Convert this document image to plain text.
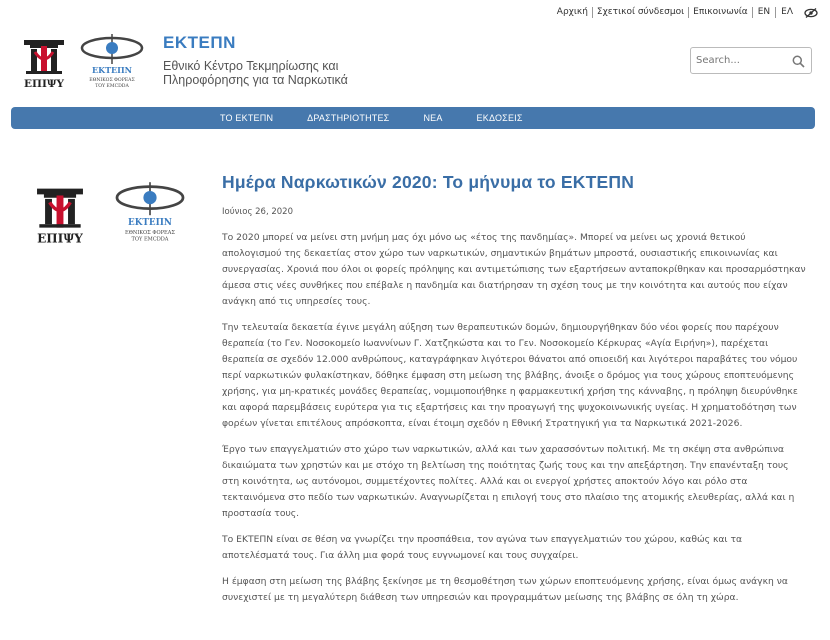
Αρχική	Σχετικοί σύνδεσμοι	Επικοινωνία	EN	ΕΛ
ΕΠΙΨΥ
ΕΚΤΕΠΝ
ΕΘΝΙΚΟΣ ΦΟΡΕΑΣ
ΤΟΥ EMCDDA
ΕΚΤΕΠΝ
Εθνικό Κέντρο Τεκμηρίωσης και Πληροφόρησης για τα Ναρκωτικά
Search...
ΤΟ ΕΚΤΕΠΝ	ΔΡΑΣΤΗΡΙΟΤΗΤΕΣ	ΝΕΑ	ΕΚΔΟΣΕΙΣ
ΕΠΙΨΥ
ΕΚΤΕΠΝ
ΕΘΝΙΚΟΣ ΦΟΡΕΑΣ
ΤΟΥ EMCDDA
Ημέρα Ναρκωτικών 2020: Το μήνυμα το ΕΚΤΕΠΝ
Ιούνιος 26, 2020

Το 2020 μπορεί να μείνει στη μνήμη μας όχι μόνο ως «έτος της πανδημίας». Μπορεί να μείνει ως χρονιά θετικού απολογισμού της δεκαετίας στον χώρο των ναρκωτικών, σημαντικών βημάτων μπροστά, ουσιαστικής επικοινωνίας και συνεργασίας. Χρονιά που όλοι οι φορείς πρόληψης και αντιμετώπισης των εξαρτήσεων ανταποκρίθηκαν και προσαρμόστηκαν άμεσα στις νέες συνθήκες που επέβαλε η πανδημία και διατήρησαν τη σχέση τους με την κοινότητα και αυτούς που είχαν ανάγκη από τις υπηρεσίες τους.

Την τελευταία δεκαετία έγινε μεγάλη αύξηση των θεραπευτικών δομών, δημιουργήθηκαν δύο νέοι φορείς που παρέχουν θεραπεία (το Γεν. Νοσοκομείο Ιωαννίνων Γ. Χατζηκώστα και το Γεν. Νοσοκομείο Κέρκυρας «Αγία Ειρήνη»), παρέχεται θεραπεία σε σχεδόν 12.000 ανθρώπους, καταγράφηκαν λιγότεροι θάνατοι από οπιοειδή και λιγότεροι παραβάτες του νόμου περί ναρκωτικών φυλακίστηκαν, δόθηκε έμφαση στη μείωση της βλάβης, άνοιξε ο δρόμος για τους χώρους εποπτευόμενης χρήσης, για μη-κρατικές μονάδες θεραπείας, νομιμοποιήθηκε η φαρμακευτική χρήση της κάνναβης, η πρόληψη διευρύνθηκε και αφορά παρεμβάσεις ευρύτερα για τις εξαρτήσεις και την προαγωγή της ψυχοκοινωνικής υγείας. Η χρηματοδότηση των φορέων γίνεται επιτέλους απρόσκοπτα, είναι έτοιμη σχεδόν η Εθνική Στρατηγική για τα Ναρκωτικά 2021-2026.

Έργο των επαγγελματιών στο χώρο των ναρκωτικών, αλλά και των χαρασσόντων πολιτική. Με τη σκέψη στα ανθρώπινα δικαιώματα των χρηστών και με στόχο τη βελτίωση της ποιότητας ζωής τους και την απεξάρτηση. Την επανένταξη τους στη κοινότητα, ως αυτόνομοι, συμμετέχοντες πολίτες. Αλλά και οι ενεργοί χρήστες αποκτούν λόγο και ρόλο στα τεκταινόμενα στο πεδίο των ναρκωτικών. Αναγνωρίζεται η επιλογή τους στο πλαίσιο της ατομικής ελευθερίας, αλλά και η προστασία τους.

Το ΕΚΤΕΠΝ είναι σε θέση να γνωρίζει την προσπάθεια, τον αγώνα των επαγγελματιών του χώρου, καθώς και τα αποτελέσματά τους. Για άλλη μια φορά τους ευγνωμονεί και τους συγχαίρει.

Η έμφαση στη μείωση της βλάβης ξεκίνησε με τη θεσμοθέτηση των χώρων εποπτευόμενης χρήσης, είναι όμως ανάγκη να συνεχιστεί με τη μεγαλύτερη διάθεση των υπηρεσιών και προγραμμάτων μείωσης της βλάβης σε όλη τη χώρα.
